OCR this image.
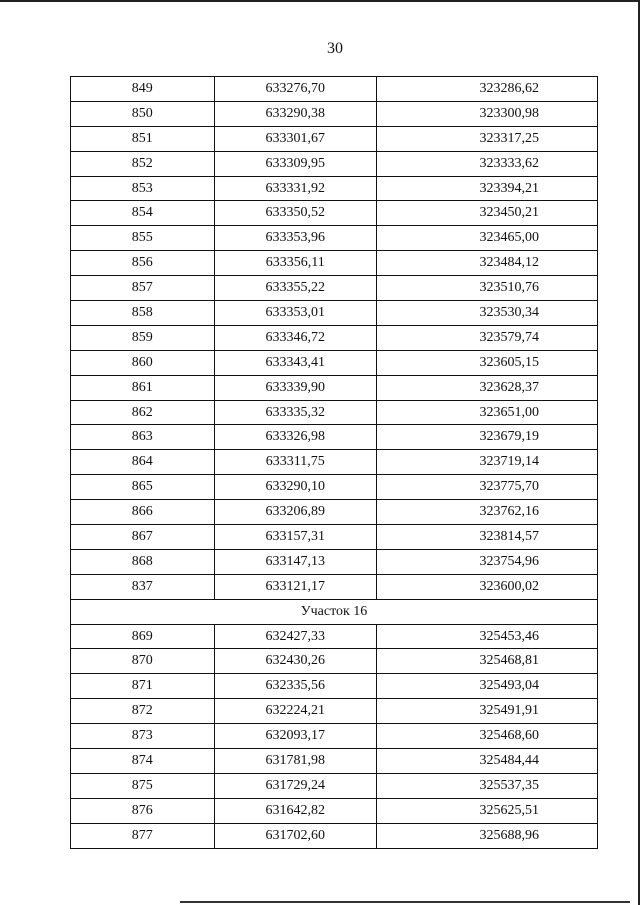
30
849	633276,70	323286,62
850	633290,38	323300,98
851	633301,67	323317,25
852	633309,95	323333,62
853	633331,92	323394,21
854	633350,52	323450,21
855	633353,96	323465,00
856	633356,11	323484,12
857	633355,22	323510,76
858	633353,01	323530,34
859	633346,72	323579,74
860	633343,41	323605,15
861	633339,90	323628,37
862	633335,32	323651,00
863	633326,98	323679,19
864	633311,75	323719,14
865	633290,10	323775,70
866	633206,89	323762,16
867	633157,31	323814,57
868	633147,13	323754,96
837	633121,17	323600,02
Участок 16		
869	632427,33	325453,46
870	632430,26	325468,81
871	632335,56	325493,04
872	632224,21	325491,91
873	632093,17	325468,60
874	631781,98	325484,44
875	631729,24	325537,35
876	631642,82	325625,51
877	631702,60	325688,96
